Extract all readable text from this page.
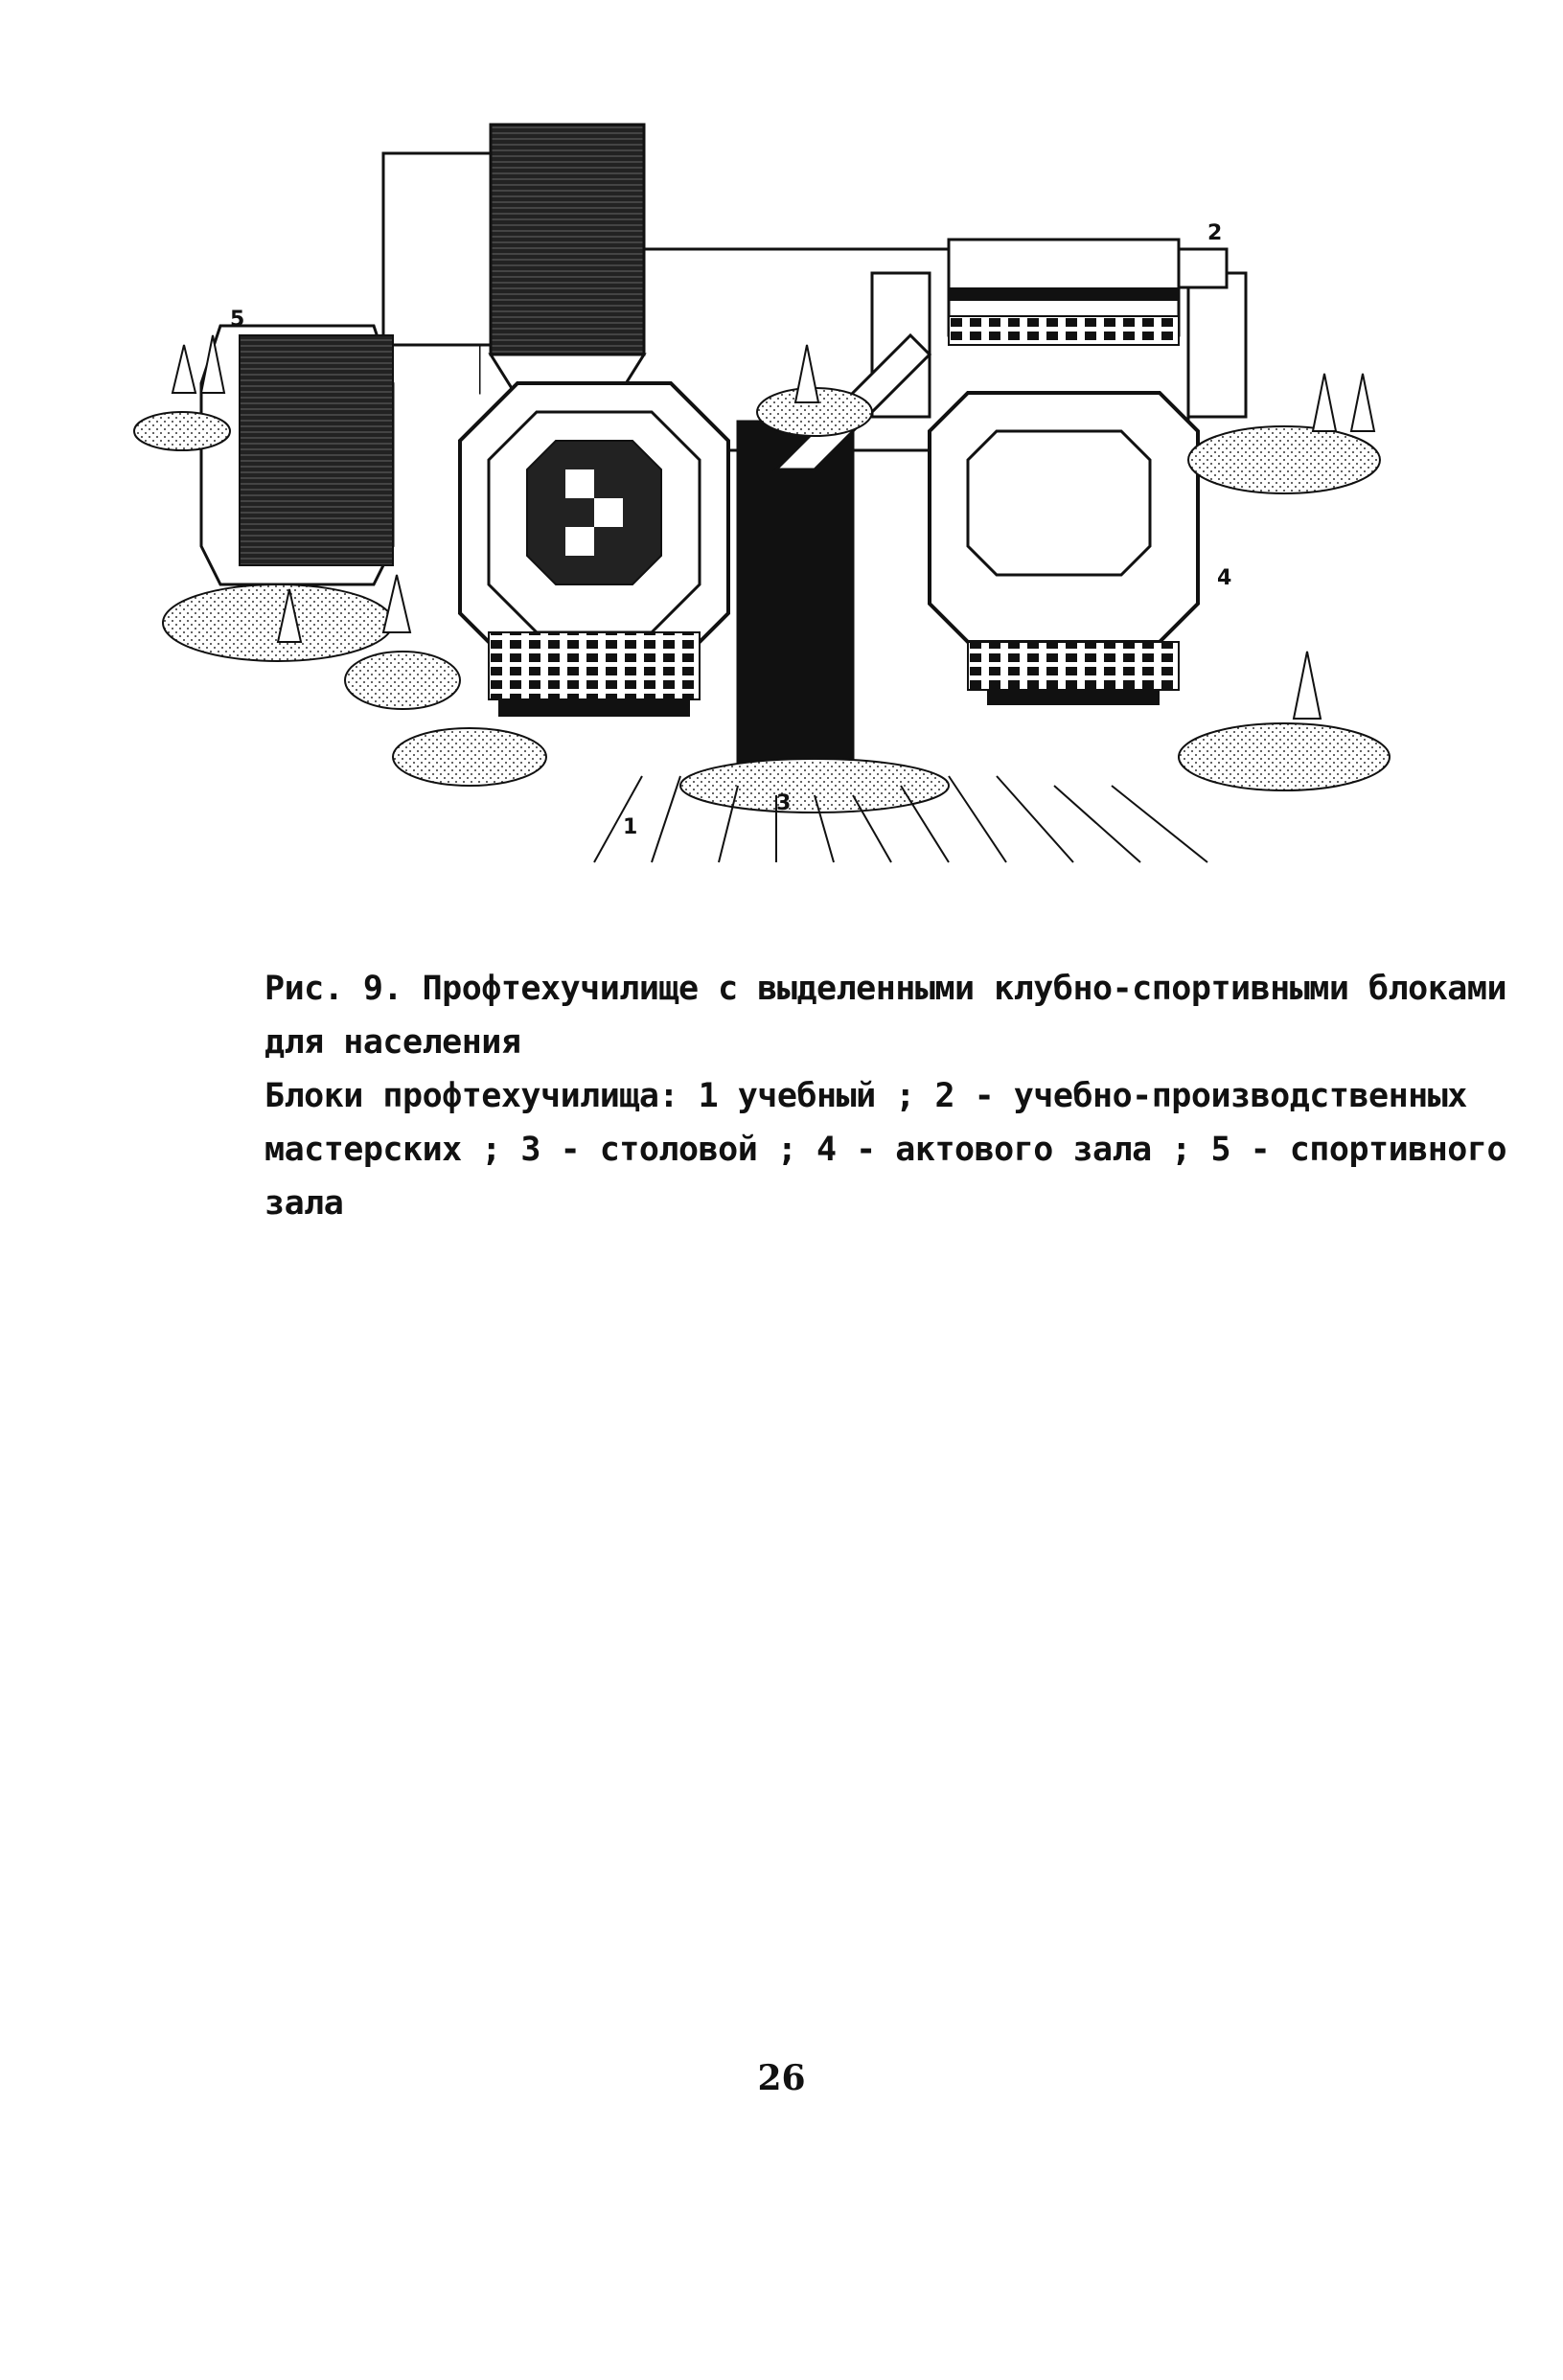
5
2
4
3
1

Рис. 9. Профтехучилище с выделенными клубно-спортивными блоками для населения

Блоки профтехучилища: 1 учебный ; 2 - учебно-производственных мастерских ; 3 - столовой ; 4 - актового зала ; 5 - спортивного зала

26
